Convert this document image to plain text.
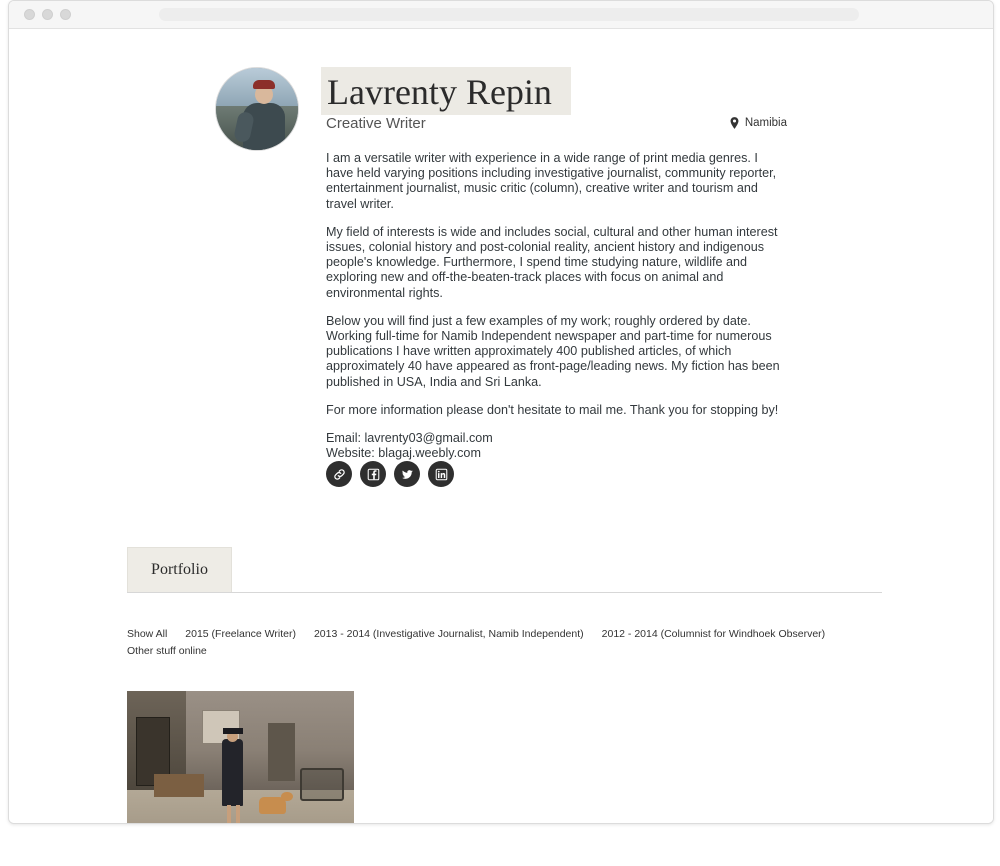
Lavrenty Repin
Creative Writer	Namibia

I am a versatile writer with experience in a wide range of print media genres. I have held varying positions including investigative journalist, community reporter, entertainment journalist, music critic (column), creative writer and tourism and travel writer.

My field of interests is wide and includes social, cultural and other human interest issues, colonial history and post-colonial reality, ancient history and indigenous people's knowledge. Furthermore, I spend time studying nature, wildlife and exploring new and off-the-beaten-track places with focus on animal and environmental rights.

Below you will find just a few examples of my work; roughly ordered by date. Working full-time for Namib Independent newspaper and part-time for numerous publications I have written approximately 400 published articles, of which approximately 40 have appeared as front-page/leading news. My fiction has been published in USA, India and Sri Lanka.

For more information please don't hesitate to mail me. Thank you for stopping by!

Email: lavrenty03@gmail.com

Website: blagaj.weebly.com

Portfolio
Show All 2015 (Freelance Writer) 2013 - 2014 (Investigative Journalist, Namib Independent) 2012 - 2014 (Columnist for Windhoek Observer)
Other stuff online
